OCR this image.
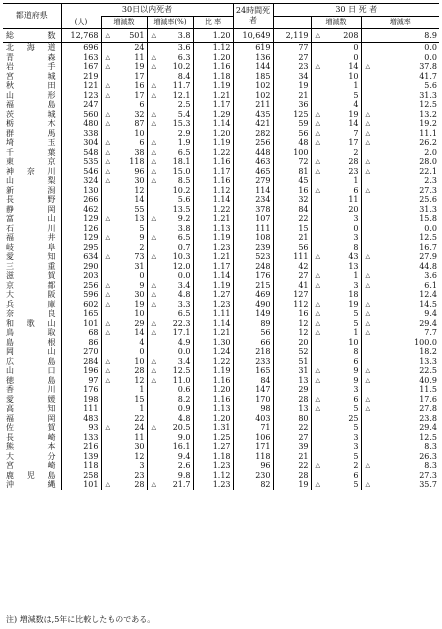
都道府県	30日以内死者				24時間死 者	30 日 死 者		
	(人)	増減数	増減率(%)	比 率			増減数	増減率
総 数	12,768	△ 501	△ 3.8	1.20	10,649	2,119	△ 208	8.9
北海道	696	24	3.6	1.12	619	77	0	0.0
青森	163	△ 11	△ 6.3	1.20	136	27	0	0.0
岩手	167	△ 19	△ 10.2	1.16	144	23	△ 14	△ 37.8
宮城	219	17	8.4	1.18	185	34	10	41.7
秋田	121	△ 16	△ 11.7	1.19	102	19	1	5.6
山形	123	△ 17	△ 12.1	1.21	102	21	5	31.3
福島	247	6	2.5	1.17	211	36	4	12.5
茨城	560	△ 32	△ 5.4	1.29	435	125	△ 19	△ 13.2
栃木	480	△ 87	△ 15.3	1.14	421	59	△ 14	△ 19.2
群馬	338	10	2.9	1.20	282	56	△ 7	△ 11.1
埼玉	304	△ 6	△ 1.9	1.19	256	48	△ 17	△ 26.2
千葉	548	△ 38	△ 6.5	1.22	448	100	2	2.0
東京	535	△ 118	△ 18.1	1.16	463	72	△ 28	△ 28.0
神奈川	546	△ 96	△ 15.0	1.17	465	81	△ 23	△ 22.1
山梨	324	△ 30	△ 8.5	1.16	279	45	1	2.3
新潟	130	12	10.2	1.12	114	16	△ 6	△ 27.3
長野	266	14	5.6	1.14	234	32	11	25.6
静岡	462	55	13.5	1.22	378	84	20	31.3
富山	129	△ 13	△ 9.2	1.21	107	22	3	15.8
石川	126	5	3.8	1.13	111	15	0	0.0
福井	129	△ 9	△ 6.5	1.19	108	21	3	12.5
岐阜	295	2	0.7	1.23	239	56	8	16.7
愛知	634	△ 73	△ 10.3	1.21	523	111	△ 43	△ 27.9
三重	290	31	12.0	1.17	248	42	13	44.8
滋賀	203	0	0.0	1.14	176	27	△ 1	△ 3.6
京都	256	△ 9	△ 3.4	1.19	215	41	△ 3	△ 6.1
大阪	596	△ 30	△ 4.8	1.27	469	127	18	12.4
兵庫	602	△ 19	△ 3.3	1.23	490	112	△ 19	△ 14.5
奈良	165	10	6.5	1.11	149	16	△ 5	△ 9.4
和歌山	101	△ 29	△ 22.3	1.14	89	12	△ 5	△ 29.4
鳥取	68	△ 14	△ 17.1	1.21	56	12	△ 1	△ 7.7
島根	86	4	4.9	1.30	66	20	10	100.0
岡山	270	0	0.0	1.24	218	52	8	18.2
広島	284	△ 10	△ 3.4	1.22	233	51	6	13.3
山口	196	△ 28	△ 12.5	1.19	165	31	△ 9	△ 22.5
徳島	97	△ 12	△ 11.0	1.16	84	13	△ 9	△ 40.9
香川	176	1	0.6	1.20	147	29	3	11.5
愛媛	198	15	8.2	1.16	170	28	△ 6	△ 17.6
高知	111	1	0.9	1.13	98	13	△ 5	△ 27.8
福岡	483	22	4.8	1.20	403	80	25	23.8
佐賀	93	△ 24	△ 20.5	1.31	71	22	5	29.4
長崎	133	11	9.0	1.25	106	27	3	12.5
熊本	216	30	16.1	1.27	171	39	3	8.3
大分	139	12	9.4	1.18	118	21	5	26.3
宮崎	118	3	2.6	1.23	96	22	△ 2	△ 8.3
鹿児島	258	23	9.8	1.12	230	28	6	27.3
沖縄	101	△ 28	△ 21.7	1.23	82	19	△ 5	△ 35.7
注) 増減数は,5年に比較したものである。
